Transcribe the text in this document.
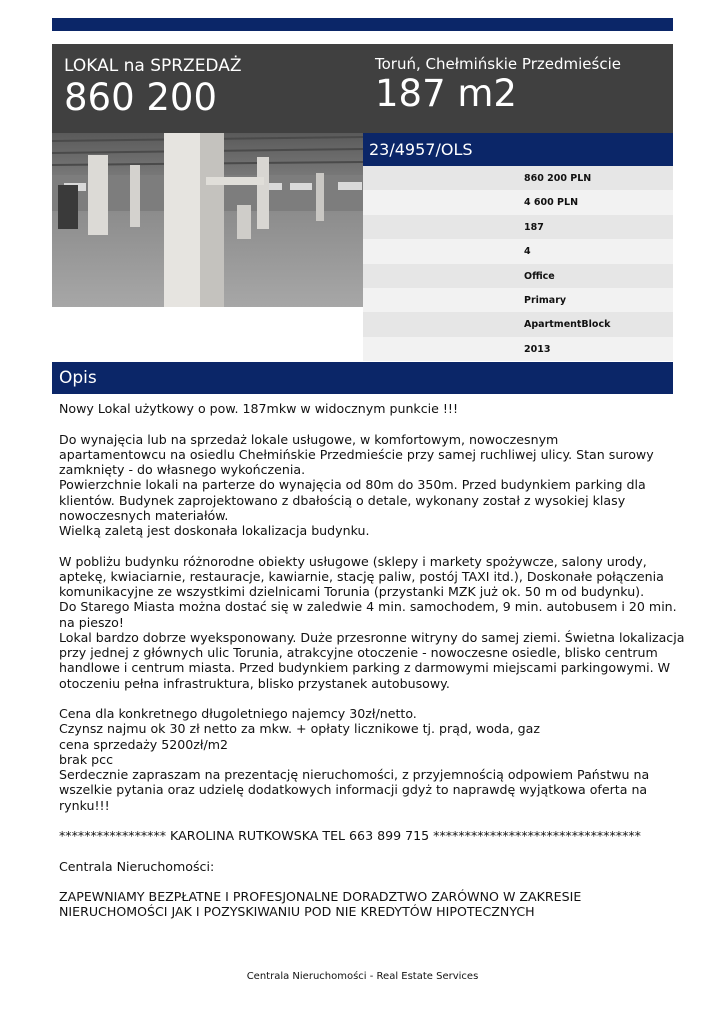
LOKAL na SPRZEDAŻ
860 200
Toruń, Chełmińskie Przedmieście
187 m2
23/4957/OLS
860 200 PLN
4 600 PLN
187
4
Office
Primary
ApartmentBlock
2013
Opis
Nowy Lokal użytkowy o pow. 187mkw w widocznym punkcie !!!
Do wynajęcia lub na sprzedaż lokale usługowe, w komfortowym, nowoczesnym
apartamentowcu na osiedlu Chełmińskie Przedmieście przy samej ruchliwej ulicy. Stan surowy
zamknięty - do własnego wykończenia.
Powierzchnie lokali na parterze do wynajęcia od 80m do 350m. Przed budynkiem parking dla
klientów. Budynek zaprojektowano z dbałością o detale, wykonany został z wysokiej klasy
nowoczesnych materiałów.
Wielką zaletą jest doskonała lokalizacja budynku.
W pobliżu budynku różnorodne obiekty usługowe (sklepy i markety spożywcze, salony urody,
aptekę, kwiaciarnie, restauracje, kawiarnie, stację paliw, postój TAXI itd.), Doskonałe połączenia
komunikacyjne ze wszystkimi dzielnicami Torunia (przystanki MZK już ok. 50 m od budynku).
Do Starego Miasta można dostać się w zaledwie 4 min. samochodem, 9 min. autobusem i 20 min.
na pieszo!
Lokal bardzo dobrze wyeksponowany. Duże przesronne witryny do samej ziemi. Świetna lokalizacja
przy jednej z głównych ulic Torunia, atrakcyjne otoczenie - nowoczesne osiedle, blisko centrum
handlowe i centrum miasta. Przed budynkiem parking z darmowymi miejscami parkingowymi. W
otoczeniu pełna infrastruktura, blisko przystanek autobusowy.
Cena dla konkretnego długoletniego najemcy 30zł/netto.
Czynsz najmu ok 30 zł netto za mkw. + opłaty licznikowe tj. prąd, woda, gaz
cena sprzedaży 5200zł/m2
brak pcc
Serdecznie zapraszam na prezentację nieruchomości, z przyjemnością odpowiem Państwu na
wszelkie pytania oraz udzielę dodatkowych informacji gdyż to naprawdę wyjątkowa oferta na
rynku!!!
***************** KAROLINA RUTKOWSKA TEL 663 899 715 *********************************
Centrala Nieruchomości:
ZAPEWNIAMY BEZPŁATNE I PROFESJONALNE DORADZTWO ZARÓWNO W ZAKRESIE
NIERUCHOMOŚCI JAK I POZYSKIWANIU POD NIE KREDYTÓW HIPOTECZNYCH
Centrala Nieruchomości - Real Estate Services
